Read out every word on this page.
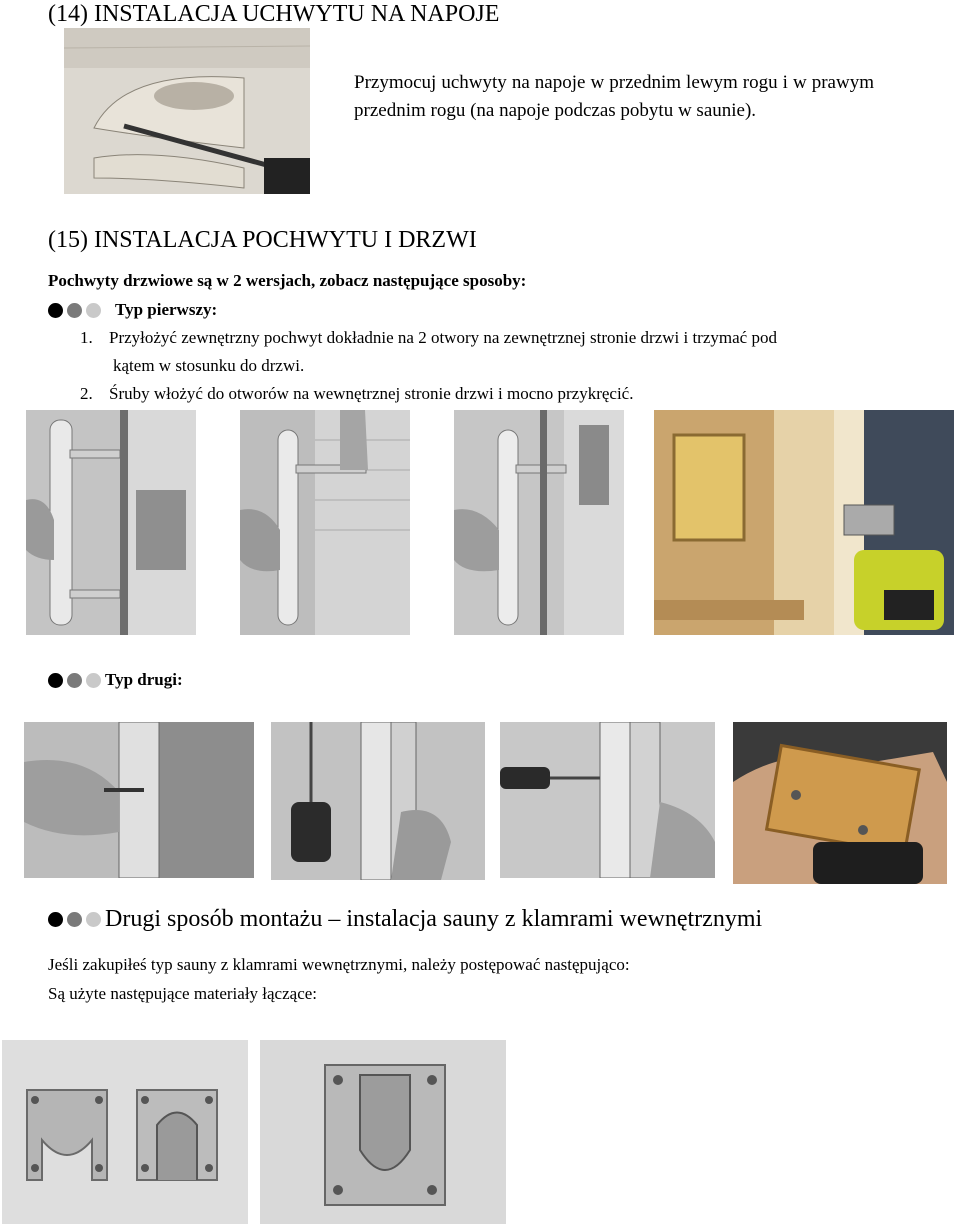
(14) INSTALACJA UCHWYTU NA NAPOJE
Przymocuj uchwyty na napoje w przednim lewym rogu i w prawym przednim rogu (na napoje podczas pobytu w saunie).
(15) INSTALACJA POCHWYTU I DRZWI
Pochwyty drzwiowe są w 2 wersjach, zobacz następujące sposoby:
Typ pierwszy:
1. Przyłożyć zewnętrzny pochwyt dokładnie na 2 otwory na zewnętrznej stronie drzwi i trzymać pod
kątem w stosunku do drzwi.
2. Śruby włożyć do otworów na wewnętrznej stronie drzwi i mocno przykręcić.
Typ drugi:
Drugi sposób montażu – instalacja sauny z klamrami wewnętrznymi
Jeśli zakupiłeś typ sauny z klamrami wewnętrznymi, należy postępować następująco:
Są użyte następujące materiały łączące:
